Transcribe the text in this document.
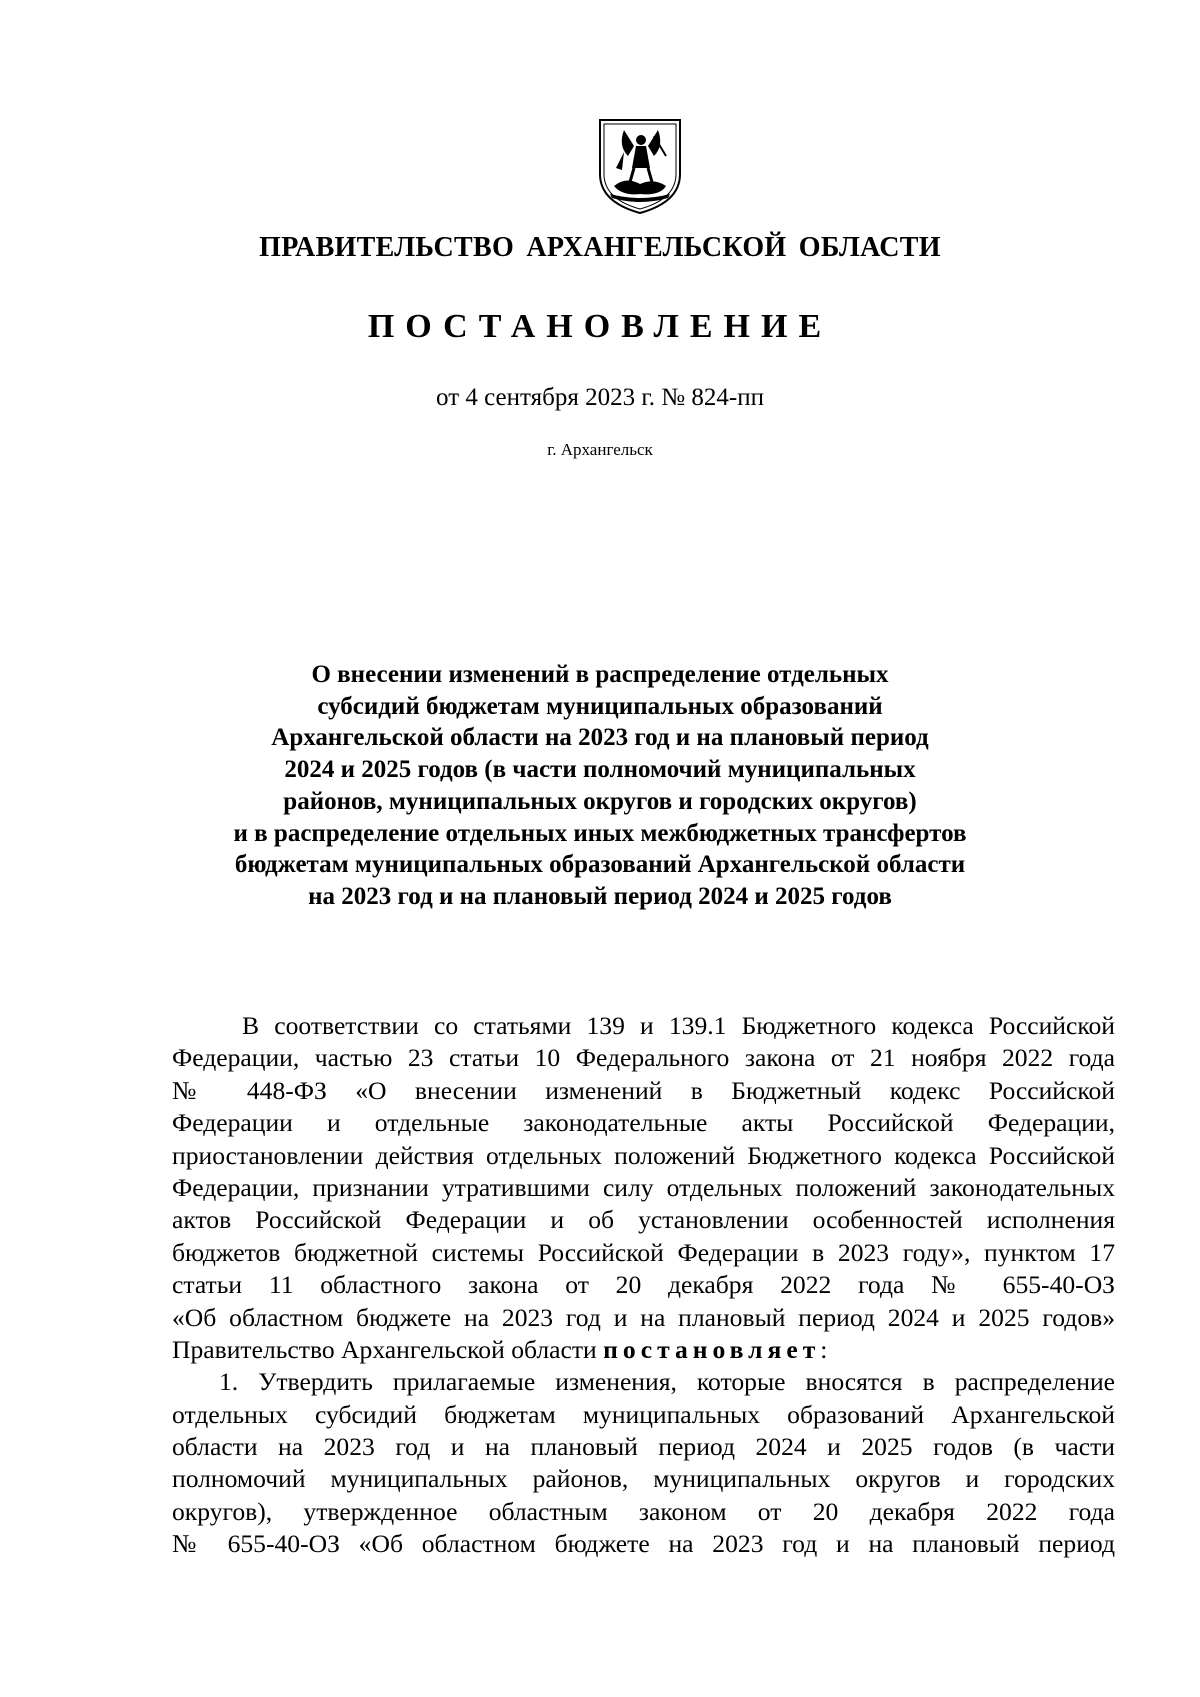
ПРАВИТЕЛЬСТВО АРХАНГЕЛЬСКОЙ ОБЛАСТИ
ПОСТАНОВЛЕНИЕ
от 4 сентября 2023 г. № 824-пп
г. Архангельск
О внесении изменений в распределение отдельных
субсидий бюджетам муниципальных образований
Архангельской области на 2023 год и на плановый период
2024 и 2025 годов (в части полномочий муниципальных
районов, муниципальных округов и городских округов)
и в распределение отдельных иных межбюджетных трансфертов
бюджетам муниципальных образований Архангельской области
на 2023 год и на плановый период 2024 и 2025 годов
В соответствии со статьями 139 и 139.1 Бюджетного кодекса Российской
Федерации, частью 23 статьи 10 Федерального закона от 21 ноября 2022 года
№ 448-ФЗ «О внесении изменений в Бюджетный кодекс Российской
Федерации и отдельные законодательные акты Российской Федерации,
приостановлении действия отдельных положений Бюджетного кодекса Российской
Федерации, признании утратившими силу отдельных положений законодательных
актов Российской Федерации и об установлении особенностей исполнения
бюджетов бюджетной системы Российской Федерации в 2023 году», пунктом 17
статьи 11 областного закона от 20 декабря 2022 года № 655-40-ОЗ
«Об областном бюджете на 2023 год и на плановый период 2024 и 2025 годов»
Правительство Архангельской области постановляет:
1. Утвердить прилагаемые изменения, которые вносятся в распределение
отдельных субсидий бюджетам муниципальных образований Архангельской
области на 2023 год и на плановый период 2024 и 2025 годов (в части
полномочий муниципальных районов, муниципальных округов и городских
округов), утвержденное областным законом от 20 декабря 2022 года
№ 655-40-ОЗ «Об областном бюджете на 2023 год и на плановый период
